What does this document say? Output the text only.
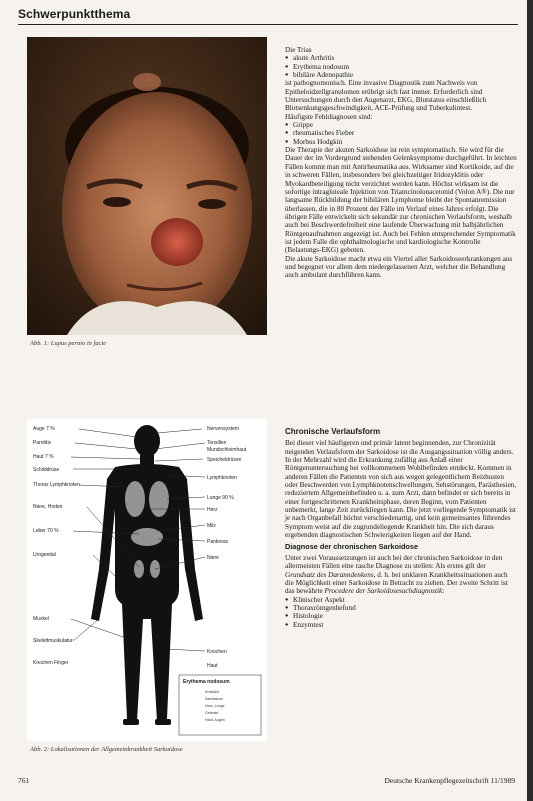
Schwerpunktthema
Abb. 1: Lupus pernio in facie
Auge 7 %
Parotitis
Haut 7 %
Schilddrüse
Thorax Lymphknoten
Niere, Hoden
Leber 70 %
Urogenital
Muskel
Skelettmuskulatur
Knochen Finger
Nervensystem
Tonsillen
Mundschleimhaut
Speicheldrüsen
Lymphknoten
Lunge 90 %
Herz
Milz
Pankreas
Niere
Knochen
Haut
Erythema nodosum
Kreislauf
Sarkoidose
Herz, Lunge
Gelenke
Haut, Augen
Abb. 2: Lokalisationen der Allgemeinkrankheit Sarkoidose

Die Trias

● akute Arthritis
● Erythema nodosum
● bihiläre Adenopathie

ist pathognomonisch. Eine invasive Diagnostik zum Nachweis von Epitheloidzellgranulomen erübrigt sich fast immer. Erforderlich sind Untersuchungen durch den Augenarzt, EKG, Blutstatus einschließlich Blutsenkungsgeschwindigkeit, ACE-Prüfung und Tuberkulintest.

Häufigste Fehldiagnosen sind:

● Grippe
● rheumatisches Fieber
● Morbus Hodgkin

Die Therapie der akuten Sarkoidose ist rein symptomatisch. Sie wird für die Dauer der im Vordergrund stehenden Gelenksymptome durchgeführt. In leichten Fällen kommt man mit Antirheumatika aus. Wirksamer sind Kortikoide, auf die in schweren Fällen, insbesondere bei gleichzeitiger Iridozyklitis oder Myokardbeteiligung nicht verzichtet werden kann. Höchst wirksam ist die sofortige intragluteale Injektion von Triamcinolonacetonid (Volon A®). Die nur langsame Rückbildung der bihilären Lymphome bleibt der Spontanremission überlassen, die in 80 Prozent der Fälle im Verlauf eines Jahres erfolgt. Die übrigen Fälle entwickeln sich sekundär zur chronischen Verlaufsform, weshalb auch bei Beschwerdefreiheit eine laufende Überwachung mit halbjährlichen Röntgenaufnahmen angezeigt ist. Auch bei Fehlen entsprechender Symptomatik ist jedem Falle die ophthalmologische und kardiologische Kontrolle (Belastungs-EKG) geboten.

Die akute Sarkoidose macht etwa ein Viertel aller Sarkoidoseerkrankungen aus und begegnet vor allem dem niedergelassenen Arzt, welcher die Behandlung auch ambulant durchführen kann.

Chronische Verlaufsform

Bei dieser viel häufigeren und primär latent beginnenden, zur Chronizität neigenden Verlaufsform der Sarkoidose ist die Ausgangssituation völlig anders. In der Mehrzahl wird die Erkrankung zufällig aus Anlaß einer Röntgenuntersuchung bei vollkommenem Wohlbefinden entdeckt. Kommen in anderen Fällen die Patienten von sich aus wegen gelegentlichem Reizhusten oder Beschwerden von Lymphknotenschwellungen, Sehstörungen, Parästhesien, reduziertem Allgemeinbefinden u. a. zum Arzt, dann befindet er sich bereits in einer fortgeschrittenen Krankheitsphase, deren Beginn, vom Patienten unbemerkt, lange Zeit zurückliegen kann. Die jetzt vorliegende Symptomatik ist je nach Organbefall höchst verschiedenartig, und kein gemeinsames führendes Symptom weist auf die zugrundeliegende Krankheit hin. Die sich daraus ergebenden diagnostischen Schwierigkeiten liegen auf der Hand.

Diagnose der chronischen Sarkoidose

Unter zwei Voraussetzungen ist auch bei der chronischen Sarkoidose in den allermeisten Fällen eine rasche Diagnose zu stellen: Als erstes gilt der Grundsatz des Daranndenkens, d. h. bei unklaren Krankheitssituationen auch die Möglichkeit einer Sarkoidose in Betracht zu ziehen. Der zweite Schritt ist das bewährte Procedere der Sarkoidosesuchdiagnostik:

● Klinischer Aspekt
● Thoraxröntgenbefund
● Histologie
● Enzymtest
761	Deutsche Krankenpflegezeitschrift 11/1989
